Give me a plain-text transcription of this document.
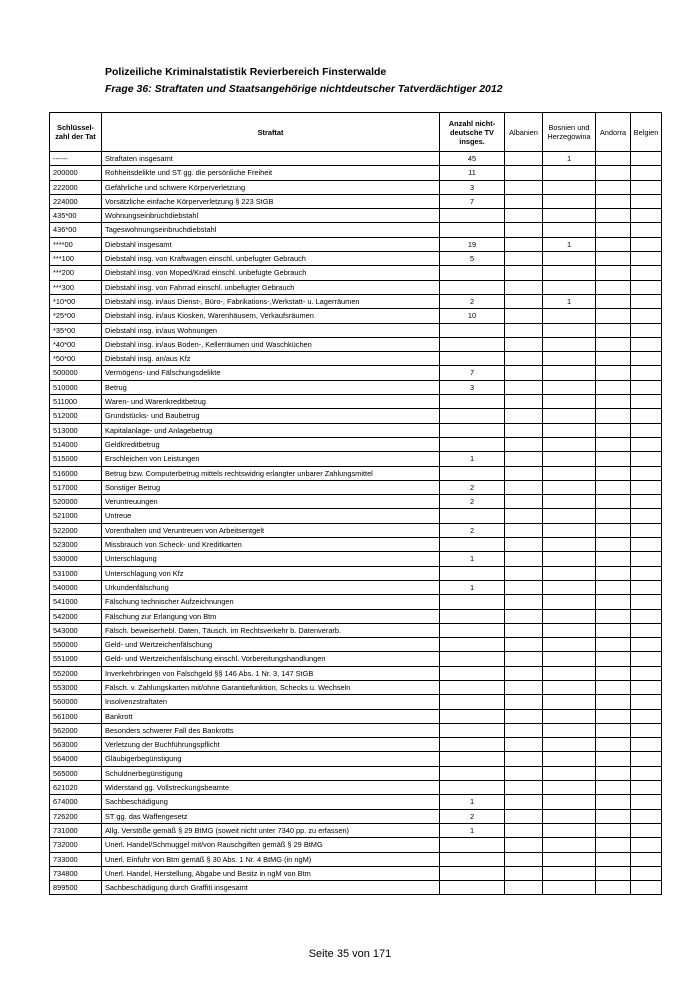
Polizeiliche Kriminalstatistik Revierbereich Finsterwalde
Frage 36: Straftaten und Staatsangehörige nichtdeutscher Tatverdächtiger 2012
Schlüssel-zahl der Tat	Straftat	Anzahl nicht-deutsche TV insges.	Albanien	Bosnien und Herzegowina	Andorra	Belgien
------	Straftaten insgesamt	45		1		
200000	Rohheitsdelikte und ST gg. die persönliche Freiheit	11				
222000	Gefährliche und schwere Körperverletzung	3				
224000	Vorsätzliche einfache Körperverletzung § 223 StGB	7				
435*00	Wohnungseinbruchdiebstahl					
436*00	Tageswohnungseinbruchdiebstahl					
****00	Diebstahl insgesamt	19		1		
***100	Diebstahl insg. von Kraftwagen einschl. unbefugter Gebrauch	5				
***200	Diebstahl insg. von Moped/Krad einschl. unbefugte Gebrauch					
***300	Diebstahl insg. von Fahrrad einschl. unbefugter Gebrauch					
*10*00	Diebstahl insg. in/aus Dienst-, Büro-, Fabrikations-,Werkstatt- u. Lagerräumen	2		1		
*25*00	Diebstahl insg. in/aus Kiosken, Warenhäusern, Verkaufsräumen	10				
*35*00	Diebstahl insg. in/aus Wohnungen					
*40*00	Diebstahl insg. in/aus Boden-, Kellerräumen und Waschküchen					
*50*00	Diebstahl insg. an/aus Kfz					
500000	Vermögens- und Fälschungsdelikte	7				
510000	Betrug	3				
511000	Waren- und Warenkreditbetrug					
512000	Grundstücks- und Baubetrug					
513000	Kapitalanlage- und Anlagebetrug					
514000	Geldkreditbetrug					
515000	Erschleichen von Leistungen	1				
516000	Betrug bzw. Computerbetrug mittels rechtswidrig erlangter unbarer Zahlungsmittel					
517000	Sonstiger Betrug	2				
520000	Veruntreuungen	2				
521000	Untreue					
522000	Vorenthalten und Veruntreuen von Arbeitsentgelt	2				
523000	Missbrauch von Scheck- und Kreditkarten					
530000	Unterschlagung	1				
531000	Unterschlagung von Kfz					
540000	Urkundenfälschung	1				
541000	Fälschung technischer Aufzeichnungen					
542000	Fälschung zur Erlangung von Btm					
543000	Fälsch. beweiserhebl. Daten, Täusch. im Rechtsverkehr b. Datenverarb.					
550000	Geld- und Wertzeichenfälschung					
551000	Geld- und Wertzeichenfälschung einschl. Vorbereitungshandlungen					
552000	Inverkehrbringen von Falschgeld §§ 146 Abs. 1 Nr. 3, 147 StGB					
553000	Fälsch. v. Zahlungskarten mit/ohne Garantiefunktion, Schecks u. Wechseln					
560000	Insolvenzstraftaten					
561000	Bankrott					
562000	Besonders schwerer Fall des Bankrotts					
563000	Verletzung der Buchführungspflicht					
564000	Gläubigerbegünstigung					
565000	Schuldnerbegünstigung					
621020	Widerstand gg. Vollstreckungsbeamte					
674000	Sachbeschädigung	1				
726200	ST gg. das Waffengesetz	2				
731000	Allg. Verstöße gemäß § 29 BtMG (soweit nicht unter 7340 pp. zu erfassen)	1				
732000	Unerl. Handel/Schmuggel mit/von Rauschgiften gemäß § 29 BtMG					
733000	Unerl. Einfuhr von Btm gemäß § 30 Abs. 1 Nr. 4 BtMG (in ngM)					
734800	Unerl. Handel, Herstellung, Abgabe und Besitz in ngM von Btm					
899500	Sachbeschädigung durch Graffiti insgesamt					
Seite 35 von 171
